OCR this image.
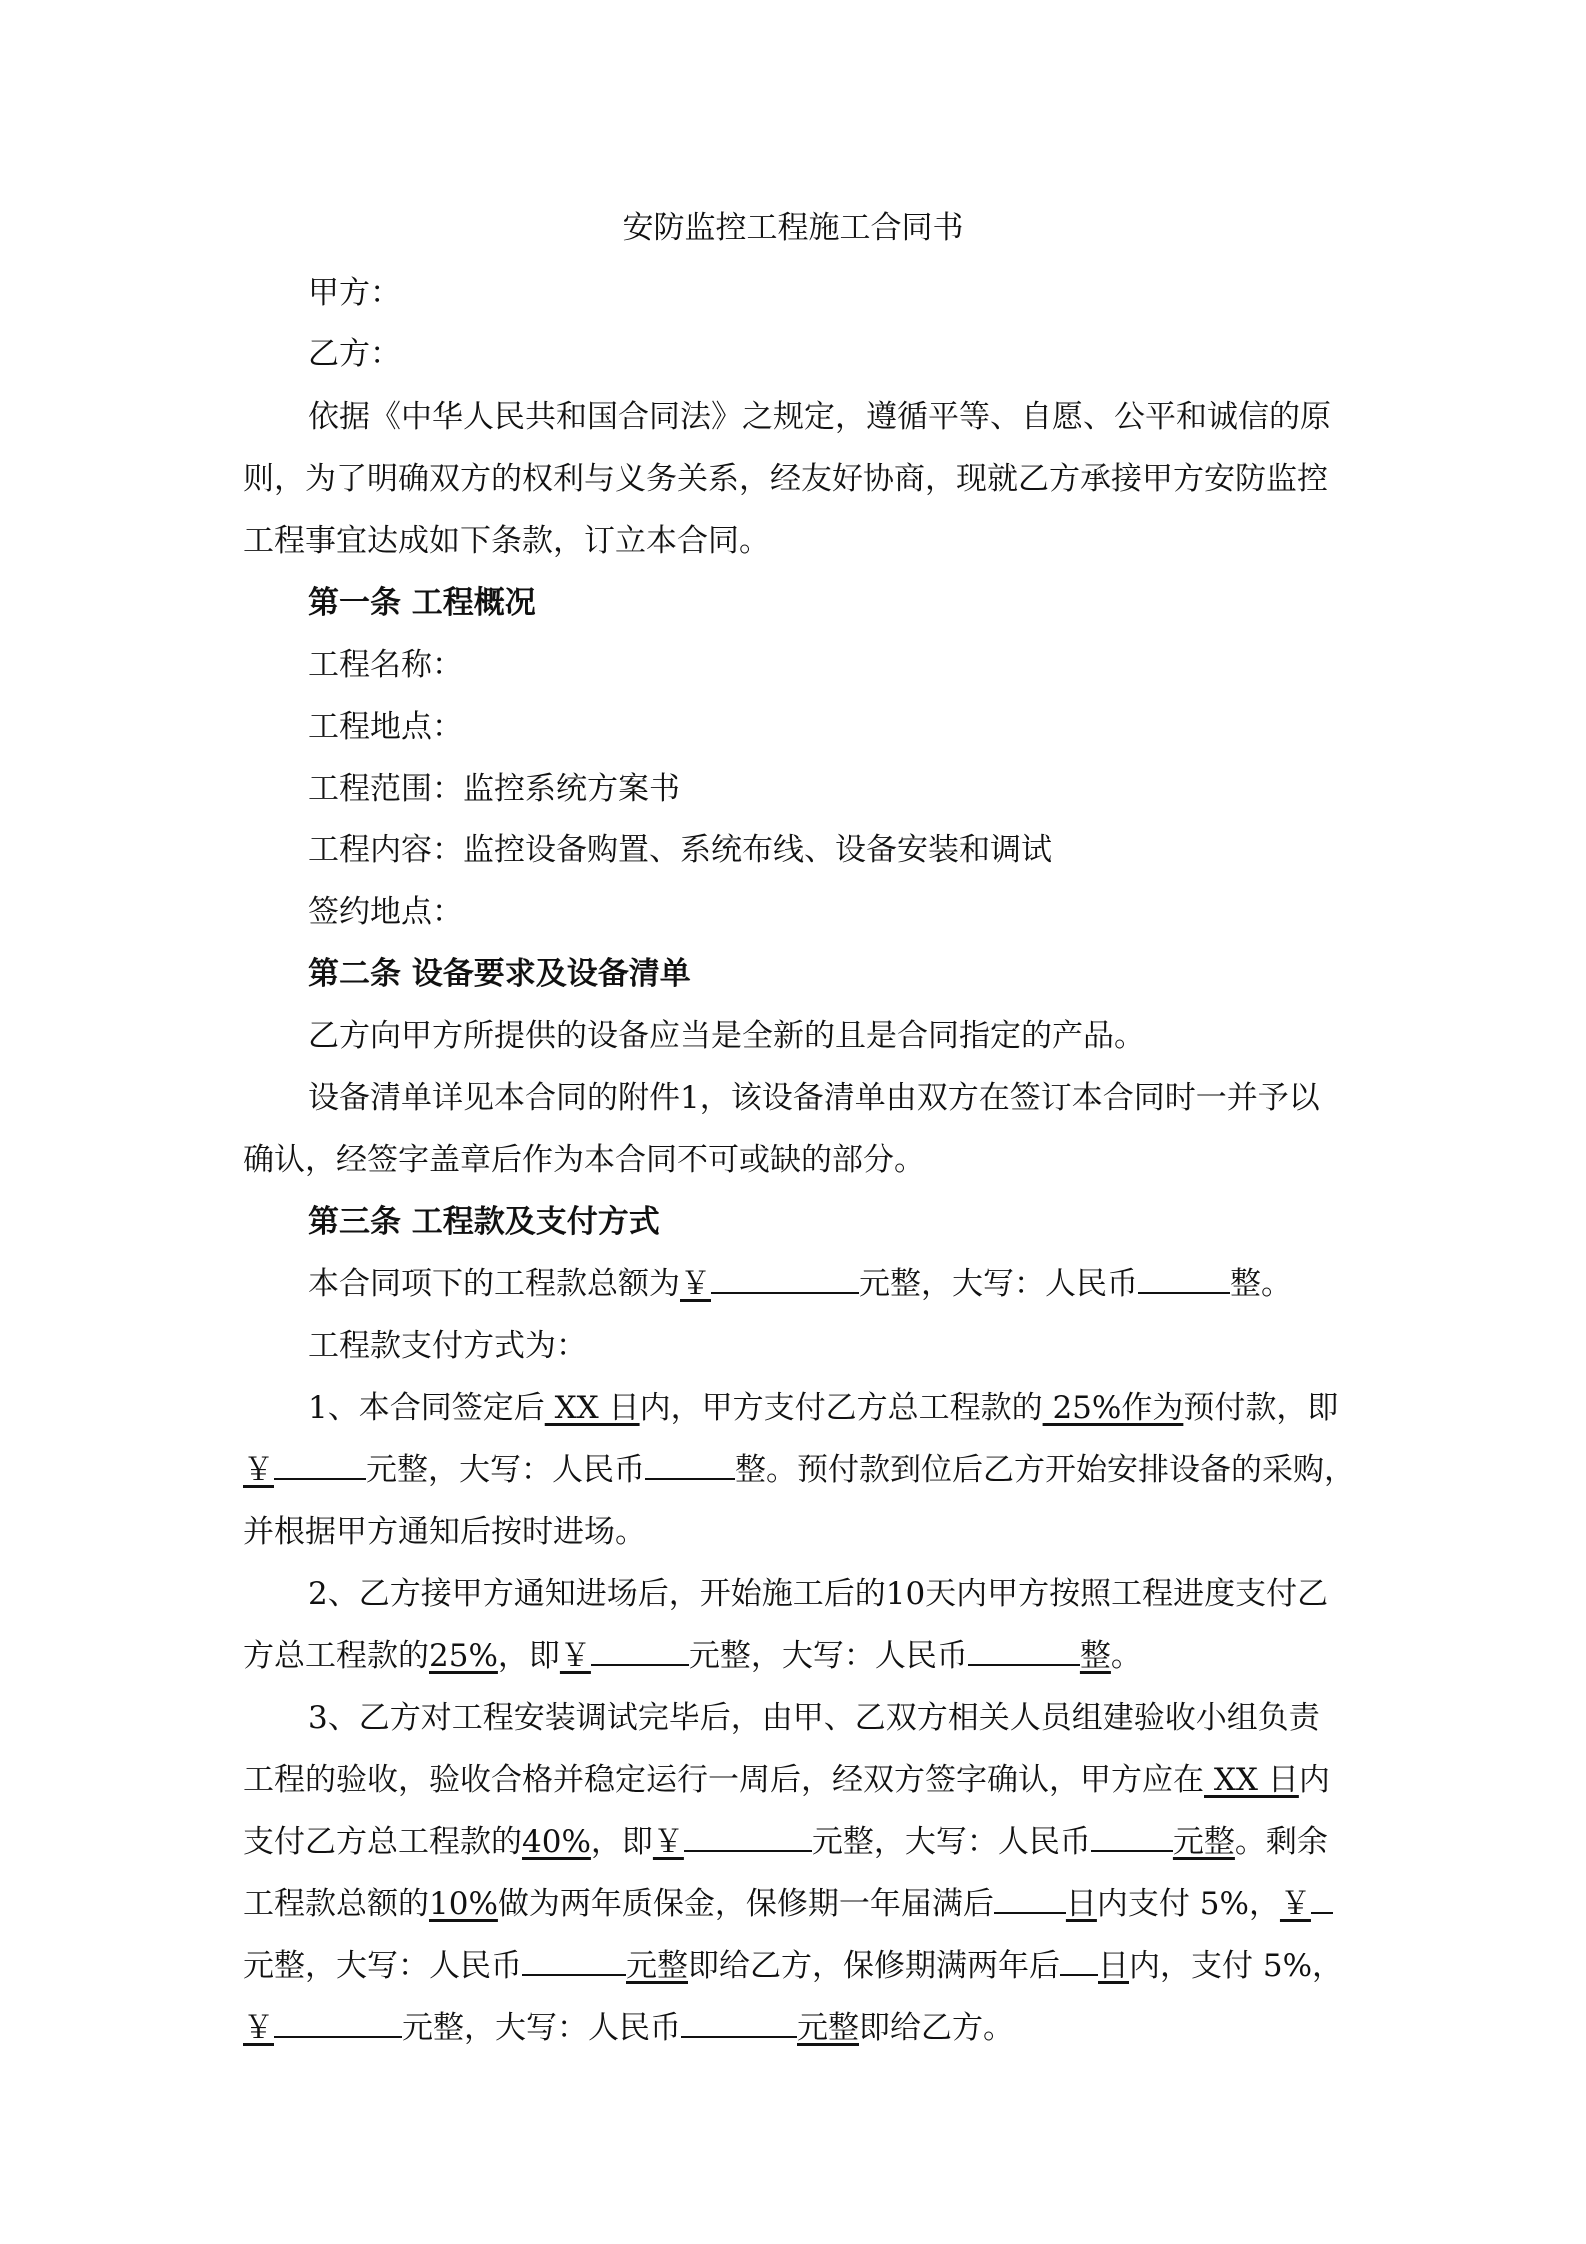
安防监控工程施工合同书
甲方：
乙方：
依据《中华人民共和国合同法》之规定，遵循平等、自愿、公平和诚信的原
则，为了明确双方的权利与义务关系，经友好协商，现就乙方承接甲方安防监控
工程事宜达成如下条款，订立本合同。
第一条 工程概况
工程名称：
工程地点：
工程范围：监控系统方案书
工程内容：监控设备购置、系统布线、设备安装和调试
签约地点：
第二条 设备要求及设备清单
乙方向甲方所提供的设备应当是全新的且是合同指定的产品。
设备清单详见本合同的附件1，该设备清单由双方在签订本合同时一并予以
确认，经签字盖章后作为本合同不可或缺的部分。
第三条 工程款及支付方式
本合同项下的工程款总额为￥	元整，大写：人民币	整。
工程款支付方式为：
1、本合同签定后 XX 日内，甲方支付乙方总工程款的 25%作为预付款，即
￥	元整，大写：人民币	整。预付款到位后乙方开始安排设备的采购，
并根据甲方通知后按时进场。
2、乙方接甲方通知进场后，开始施工后的10天内甲方按照工程进度支付乙
方总工程款的25%，即￥	元整，大写：人民币	整。
3、乙方对工程安装调试完毕后，由甲、乙双方相关人员组建验收小组负责
工程的验收，验收合格并稳定运行一周后，经双方签字确认，甲方应在 XX 日内
支付乙方总工程款的40%，即￥	元整，大写：人民币	元整。剩余
工程款总额的10%做为两年质保金，保修期一年届满后 日内支付 5%，￥
元整，大写：人民币	元整即给乙方，保修期满两年后 日内，支付 5%，
￥	元整，大写：人民币	元整即给乙方。
